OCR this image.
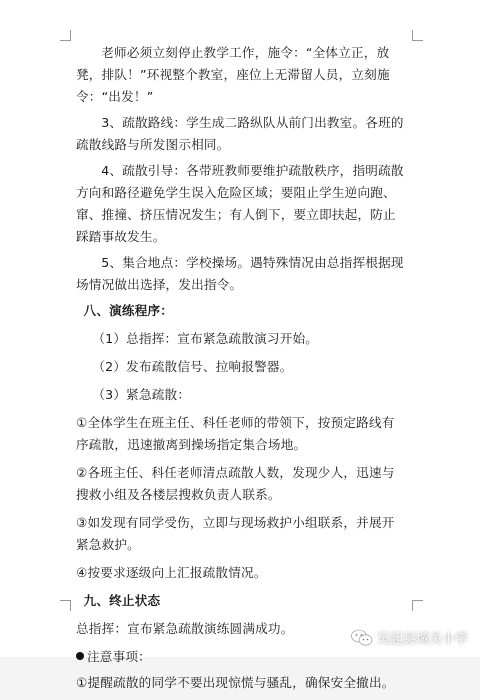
老师必须立刻停止教学工作，施令：“全体立正，放凳，排队！”环视整个教室，座位上无滞留人员，立刻施令：“出发！”

3、疏散路线：学生成二路纵队从前门出教室。各班的疏散线路与所发图示相同。

4、疏散引导：各带班教师要维护疏散秩序，指明疏散方向和路径避免学生误入危险区域；要阻止学生逆向跑、窜、推撞、挤压情况发生；有人倒下，要立即扶起，防止踩踏事故发生。

5、集合地点：学校操场。遇特殊情况由总指挥根据现场情况做出选择，发出指令。

八、演练程序：

（1）总指挥：宣布紧急疏散演习开始。

（2）发布疏散信号、拉响报警器。

（3）紧急疏散：

①全体学生在班主任、科任老师的带领下，按预定路线有序疏散，迅速撤离到操场指定集合场地。

②各班主任、科任老师清点疏散人数，发现少人，迅速与搜救小组及各楼层搜救负责人联系。

③如发现有同学受伤，立即与现场救护小组联系，并展开紧急救护。

④按要求逐级向上汇报疏散情况。

九、终止状态

总指挥：宣布紧急疏散演练圆满成功。

注意事项：

①提醒疏散的同学不要出现惊慌与骚乱，确保安全撤出。

吴起县城关小学
